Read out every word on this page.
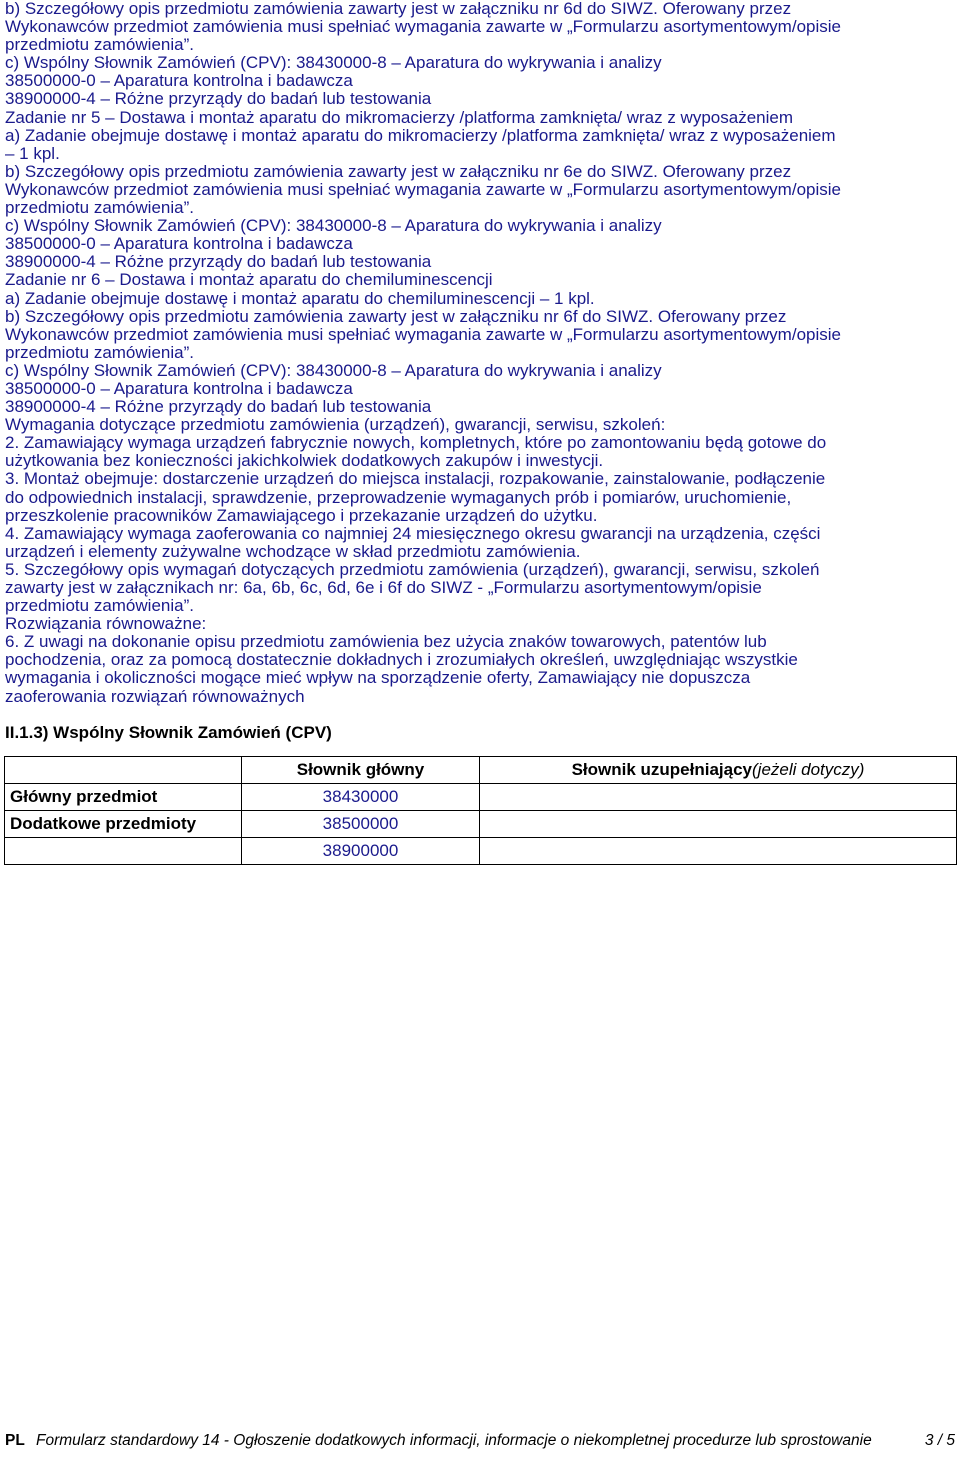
b) Szczegółowy opis przedmiotu zamówienia zawarty jest w załączniku nr 6d do SIWZ. Oferowany przez
Wykonawców przedmiot zamówienia musi spełniać wymagania zawarte w „Formularzu asortymentowym/opisie
przedmiotu zamówienia”.
c) Wspólny Słownik Zamówień (CPV): 38430000-8 – Aparatura do wykrywania i analizy
38500000-0 – Aparatura kontrolna i badawcza
38900000-4 – Różne przyrządy do badań lub testowania
Zadanie nr 5 – Dostawa i montaż aparatu do mikromacierzy /platforma zamknięta/ wraz z wyposażeniem
a) Zadanie obejmuje dostawę i montaż aparatu do mikromacierzy /platforma zamknięta/ wraz z wyposażeniem
– 1 kpl.
b) Szczegółowy opis przedmiotu zamówienia zawarty jest w załączniku nr 6e do SIWZ. Oferowany przez
Wykonawców przedmiot zamówienia musi spełniać wymagania zawarte w „Formularzu asortymentowym/opisie
przedmiotu zamówienia”.
c) Wspólny Słownik Zamówień (CPV): 38430000-8 – Aparatura do wykrywania i analizy
38500000-0 – Aparatura kontrolna i badawcza
38900000-4 – Różne przyrządy do badań lub testowania
Zadanie nr 6 – Dostawa i montaż aparatu do chemiluminescencji
a) Zadanie obejmuje dostawę i montaż aparatu do chemiluminescencji – 1 kpl.
b) Szczegółowy opis przedmiotu zamówienia zawarty jest w załączniku nr 6f do SIWZ. Oferowany przez
Wykonawców przedmiot zamówienia musi spełniać wymagania zawarte w „Formularzu asortymentowym/opisie
przedmiotu zamówienia”.
c) Wspólny Słownik Zamówień (CPV): 38430000-8 – Aparatura do wykrywania i analizy
38500000-0 – Aparatura kontrolna i badawcza
38900000-4 – Różne przyrządy do badań lub testowania
Wymagania dotyczące przedmiotu zamówienia (urządzeń), gwarancji, serwisu, szkoleń:
2. Zamawiający wymaga urządzeń fabrycznie nowych, kompletnych, które po zamontowaniu będą gotowe do
użytkowania bez konieczności jakichkolwiek dodatkowych zakupów i inwestycji.
3. Montaż obejmuje: dostarczenie urządzeń do miejsca instalacji, rozpakowanie, zainstalowanie, podłączenie
do odpowiednich instalacji, sprawdzenie, przeprowadzenie wymaganych prób i pomiarów, uruchomienie,
przeszkolenie pracowników Zamawiającego i przekazanie urządzeń do użytku.
4. Zamawiający wymaga zaoferowania co najmniej 24 miesięcznego okresu gwarancji na urządzenia, części
urządzeń i elementy zużywalne wchodzące w skład przedmiotu zamówienia.
5. Szczegółowy opis wymagań dotyczących przedmiotu zamówienia (urządzeń), gwarancji, serwisu, szkoleń
zawarty jest w załącznikach nr: 6a, 6b, 6c, 6d, 6e i 6f do SIWZ - „Formularzu asortymentowym/opisie
przedmiotu zamówienia”.
Rozwiązania równoważne:
6. Z uwagi na dokonanie opisu przedmiotu zamówienia bez użycia znaków towarowych, patentów lub
pochodzenia, oraz za pomocą dostatecznie dokładnych i zrozumiałych określeń, uwzględniając wszystkie
wymagania i okoliczności mogące mieć wpływ na sporządzenie oferty, Zamawiający nie dopuszcza
zaoferowania rozwiązań równoważnych
II.1.3) Wspólny Słownik Zamówień (CPV)
	Słownik główny	Słownik uzupełniający(jeżeli dotyczy)
Główny przedmiot	38430000	
Dodatkowe przedmioty	38500000	
	38900000	
PL Formularz standardowy 14 - Ogłoszenie dodatkowych informacji, informacje o niekompletnej procedurze lub sprostowanie	3 / 5
